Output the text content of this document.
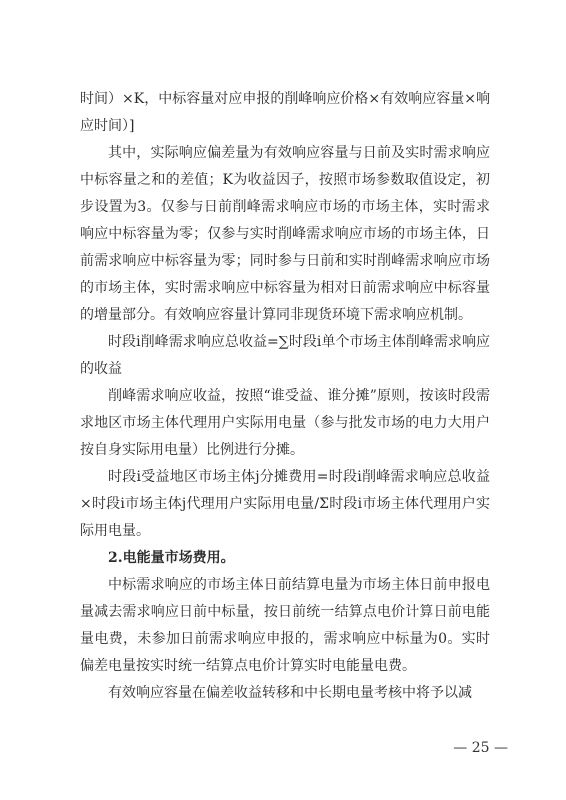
时间）×K，中标容量对应申报的削峰响应价格×有效响应容量×响应时间）]

其中，实际响应偏差量为有效响应容量与日前及实时需求响应中标容量之和的差值；K为收益因子，按照市场参数取值设定，初步设置为3。仅参与日前削峰需求响应市场的市场主体，实时需求响应中标容量为零；仅参与实时削峰需求响应市场的市场主体，日前需求响应中标容量为零；同时参与日前和实时削峰需求响应市场的市场主体，实时需求响应中标容量为相对日前需求响应中标容量的增量部分。有效响应容量计算同非现货环境下需求响应机制。

时段i削峰需求响应总收益=∑时段i单个市场主体削峰需求响应的收益

削峰需求响应收益，按照“谁受益、谁分摊”原则，按该时段需求地区市场主体代理用户实际用电量（参与批发市场的电力大用户按自身实际用电量）比例进行分摊。

时段i受益地区市场主体j分摊费用=时段i削峰需求响应总收益×时段i市场主体j代理用户实际用电量/Σ时段i市场主体代理用户实际用电量。

2.电能量市场费用。

中标需求响应的市场主体日前结算电量为市场主体日前申报电量减去需求响应日前中标量，按日前统一结算点电价计算日前电能量电费，未参加日前需求响应申报的，需求响应中标量为0。实时偏差电量按实时统一结算点电价计算实时电能量电费。

有效响应容量在偏差收益转移和中长期电量考核中将予以减

— 25 —
